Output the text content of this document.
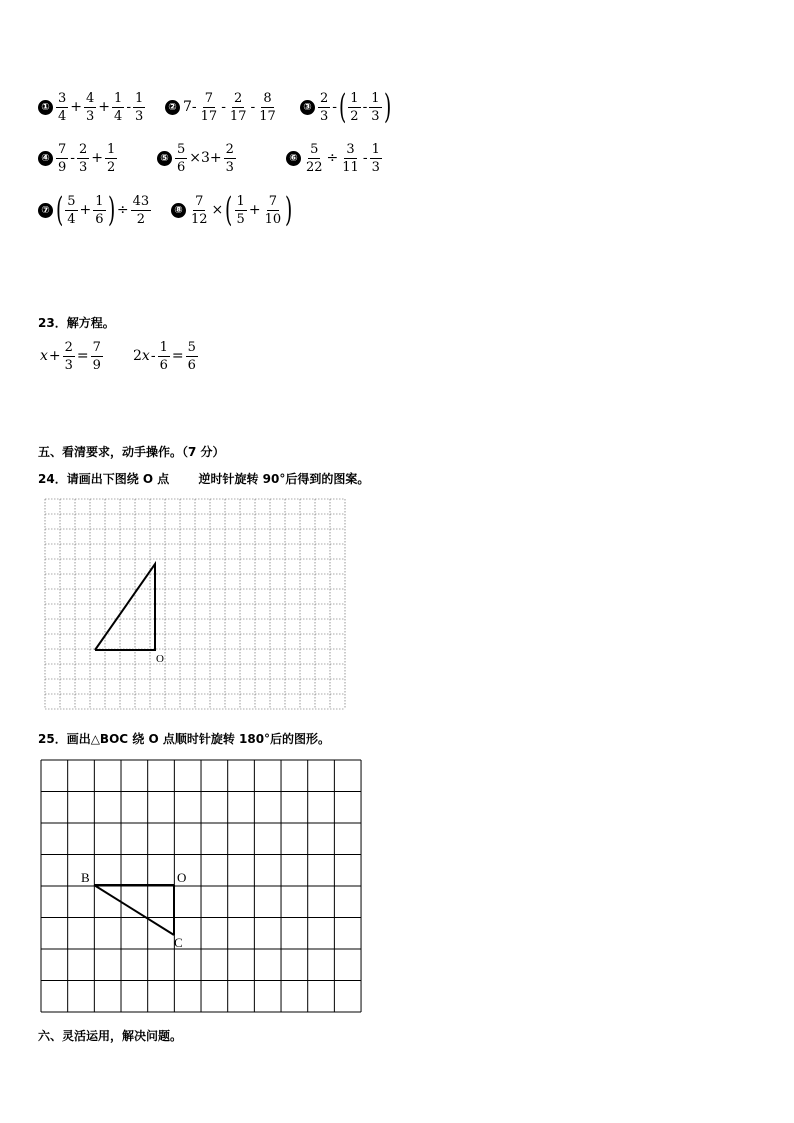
① $\frac{3}{4} + \frac{4}{3} + \frac{1}{4} - \frac{1}{3}$	② $7- \frac{7}{17} - \frac{2}{17} - \frac{8}{17}$	③ $\frac{2}{3}$ - ( $\frac{1}{2} - \frac{1}{3}$ )
④ $\frac{7}{9} - \frac{2}{3} + \frac{1}{2}$	⑤ $\frac{5}{6} \times 3+ \frac{2}{3}$	⑥ $\frac{5}{22} \div \frac{3}{11} - \frac{1}{3}$
⑦ ( $\frac{5}{4} + \frac{1}{6}$ ) ÷ $\frac{43}{2}$	⑧ $\frac{7}{12}$ × ( $\frac{1}{5} + \frac{7}{10}$ )
23．解方程。
$x + \frac{2}{3} = \frac{7}{9} 2$ $x - \frac{1}{6} = \frac{5}{6}$
五、看清要求，动手操作。（7 分）
24．请画出下图绕 O 点       逆时针旋转 90°后得到的图案。
O
25．画出△BOC 绕 O 点顺时针旋转 180°后的图形。
B	O
C
六、灵活运用，解决问题。
